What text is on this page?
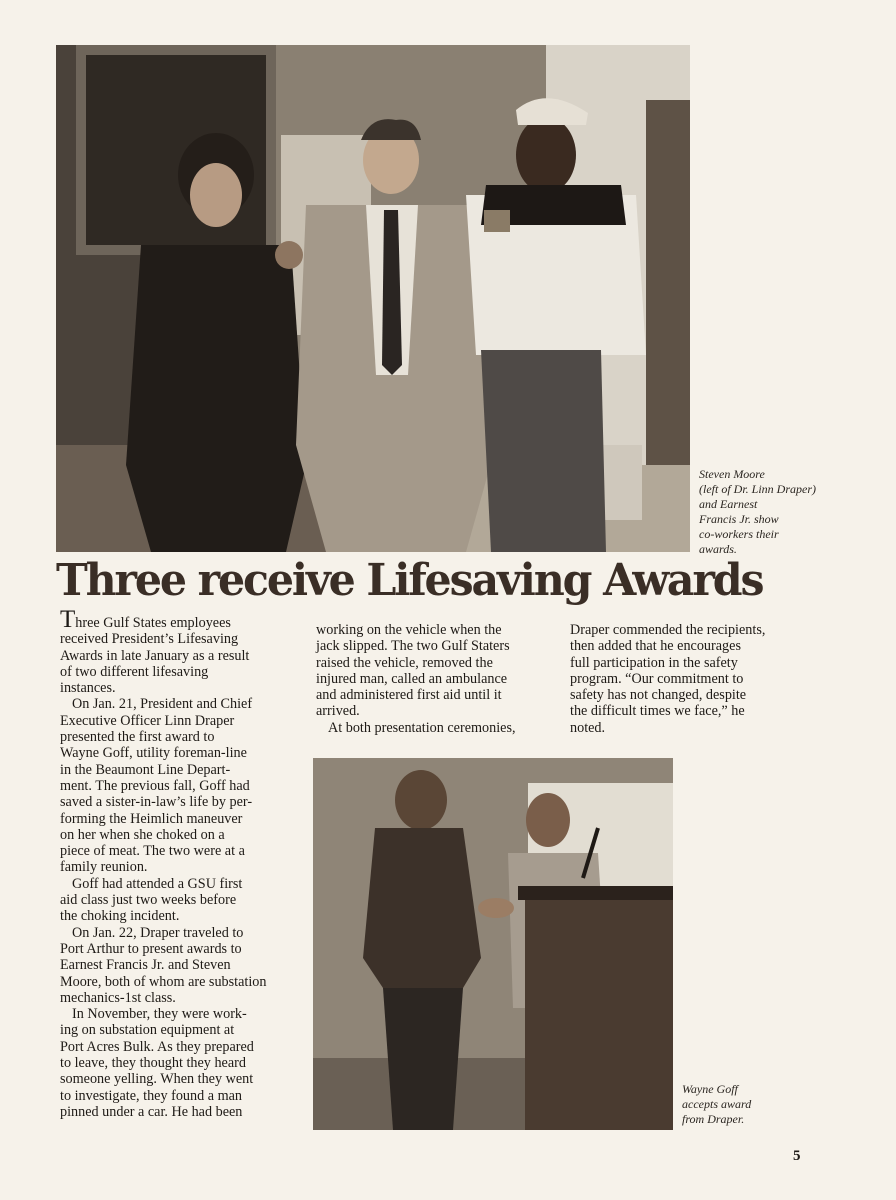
Steven Moore
(left of Dr. Linn Draper)
and Earnest
Francis Jr. show
co-workers their
awards.
Three receive Lifesaving Awards
Three Gulf States employees
received President’s Lifesaving
Awards in late January as a result
of two different lifesaving
instances.
On Jan. 21, President and Chief
Executive Officer Linn Draper
presented the first award to
Wayne Goff, utility foreman-line
in the Beaumont Line Depart-
ment. The previous fall, Goff had
saved a sister-in-law’s life by per-
forming the Heimlich maneuver
on her when she choked on a
piece of meat. The two were at a
family reunion.
Goff had attended a GSU first
aid class just two weeks before
the choking incident.
On Jan. 22, Draper traveled to
Port Arthur to present awards to
Earnest Francis Jr. and Steven
Moore, both of whom are substation
mechanics-1st class.
In November, they were work-
ing on substation equipment at
Port Acres Bulk. As they prepared
to leave, they thought they heard
someone yelling. When they went
to investigate, they found a man
pinned under a car. He had been
working on the vehicle when the
jack slipped. The two Gulf Staters
raised the vehicle, removed the
injured man, called an ambulance
and administered first aid until it
arrived.
At both presentation ceremonies,
Draper commended the recipients,
then added that he encourages
full participation in the safety
program. “Our commitment to
safety has not changed, despite
the difficult times we face,” he
noted.
Wayne Goff
accepts award
from Draper.
5
